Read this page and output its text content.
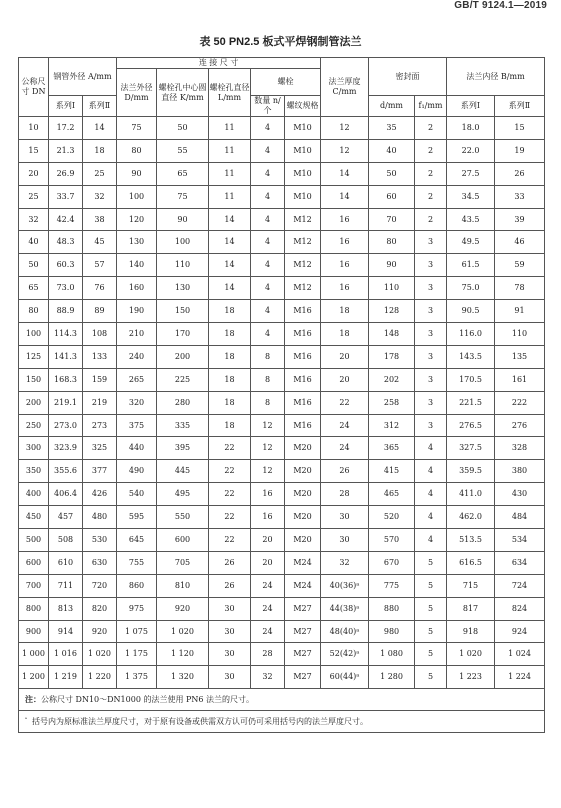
GB/T 9124.1—2019
表 50 PN2.5 板式平焊钢制管法兰
公称尺寸 DN	钢管外径 A/mm		连 接 尺 寸					法兰厚度 C/mm	密封面		法兰内径 B/mm	
			法兰外径 D/mm	螺栓孔中心圆直径 K/mm	螺栓孔直径 L/mm	螺栓						
	系列Ⅰ	系列Ⅱ				数量 n/个	螺纹规格		d/mm	f₁/mm	系列Ⅰ	系列Ⅱ
10	17.2	14	75	50	11	4	M10	12	35	2	18.0	15
15	21.3	18	80	55	11	4	M10	12	40	2	22.0	19
20	26.9	25	90	65	11	4	M10	14	50	2	27.5	26
25	33.7	32	100	75	11	4	M10	14	60	2	34.5	33
32	42.4	38	120	90	14	4	M12	16	70	2	43.5	39
40	48.3	45	130	100	14	4	M12	16	80	3	49.5	46
50	60.3	57	140	110	14	4	M12	16	90	3	61.5	59
65	73.0	76	160	130	14	4	M12	16	110	3	75.0	78
80	88.9	89	190	150	18	4	M16	18	128	3	90.5	91
100	114.3	108	210	170	18	4	M16	18	148	3	116.0	110
125	141.3	133	240	200	18	8	M16	20	178	3	143.5	135
150	168.3	159	265	225	18	8	M16	20	202	3	170.5	161
200	219.1	219	320	280	18	8	M16	22	258	3	221.5	222
250	273.0	273	375	335	18	12	M16	24	312	3	276.5	276
300	323.9	325	440	395	22	12	M20	24	365	4	327.5	328
350	355.6	377	490	445	22	12	M20	26	415	4	359.5	380
400	406.4	426	540	495	22	16	M20	28	465	4	411.0	430
450	457	480	595	550	22	16	M20	30	520	4	462.0	484
500	508	530	645	600	22	20	M20	30	570	4	513.5	534
600	610	630	755	705	26	20	M24	32	670	5	616.5	634
700	711	720	860	810	26	24	M24	40(36)ᵃ	775	5	715	724
800	813	820	975	920	30	24	M27	44(38)ᵃ	880	5	817	824
900	914	920	1 075	1 020	30	24	M27	48(40)ᵃ	980	5	918	924
1 000	1 016	1 020	1 175	1 120	30	28	M27	52(42)ᵃ	1 080	5	1 020	1 024
1 200	1 219	1 220	1 375	1 320	30	32	M27	60(44)ᵃ	1 280	5	1 223	1 224
注：公称尺寸 DN10～DN1000 的法兰使用 PN6 法兰的尺寸。												
$^ᵃ$ 括号内为原标准法兰厚度尺寸，对于原有设备或供需双方认可仍可采用括号内的法兰厚度尺寸。												
